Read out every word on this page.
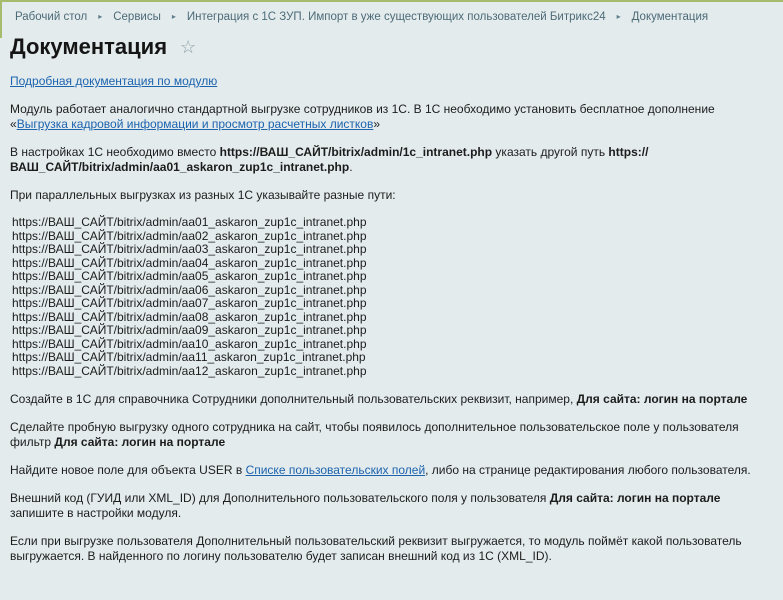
Рабочий стол ▸ Сервисы ▸ Интеграция с 1С ЗУП. Импорт в уже существующих пользователей Битрикс24 ▸ Документация
Документация ☆

Подробная документация по модулю

Модуль работает аналогично стандартной выгрузке сотрудников из 1С. В 1С необходимо установить бесплатное дополнение «Выгрузка кадровой информации и просмотр расчетных листков»

В настройках 1С необходимо вместо https://ВАШ_САЙТ/bitrix/admin/1c_intranet.php указать другой путь https://ВАШ_САЙТ/bitrix/admin/aa01_askaron_zup1c_intranet.php.

При параллельных выгрузках из разных 1С указывайте разные пути:

https://ВАШ_САЙТ/bitrix/admin/aa01_askaron_zup1c_intranet.php
https://ВАШ_САЙТ/bitrix/admin/aa02_askaron_zup1c_intranet.php
https://ВАШ_САЙТ/bitrix/admin/aa03_askaron_zup1c_intranet.php
https://ВАШ_САЙТ/bitrix/admin/aa04_askaron_zup1c_intranet.php
https://ВАШ_САЙТ/bitrix/admin/aa05_askaron_zup1c_intranet.php
https://ВАШ_САЙТ/bitrix/admin/aa06_askaron_zup1c_intranet.php
https://ВАШ_САЙТ/bitrix/admin/aa07_askaron_zup1c_intranet.php
https://ВАШ_САЙТ/bitrix/admin/aa08_askaron_zup1c_intranet.php
https://ВАШ_САЙТ/bitrix/admin/aa09_askaron_zup1c_intranet.php
https://ВАШ_САЙТ/bitrix/admin/aa10_askaron_zup1c_intranet.php
https://ВАШ_САЙТ/bitrix/admin/aa11_askaron_zup1c_intranet.php
https://ВАШ_САЙТ/bitrix/admin/aa12_askaron_zup1c_intranet.php

Создайте в 1С для справочника Сотрудники дополнительный пользовательских реквизит, например, Для сайта: логин на портале

Сделайте пробную выгрузку одного сотрудника на сайт, чтобы появилось дополнительное пользовательское поле у пользователя фильтр Для сайта: логин на портале

Найдите новое поле для объекта USER в Списке пользовательских полей, либо на странице редактирования любого пользователя.

Внешний код (ГУИД или XML_ID) для Дополнительного пользовательского поля у пользователя Для сайта: логин на портале запишите в настройки модуля.

Если при выгрузке пользователя Дополнительный пользовательский реквизит выгружается, то модуль поймёт какой пользователь выгружается. В найденного по логину пользователю будет записан внешний код из 1С (XML_ID).
